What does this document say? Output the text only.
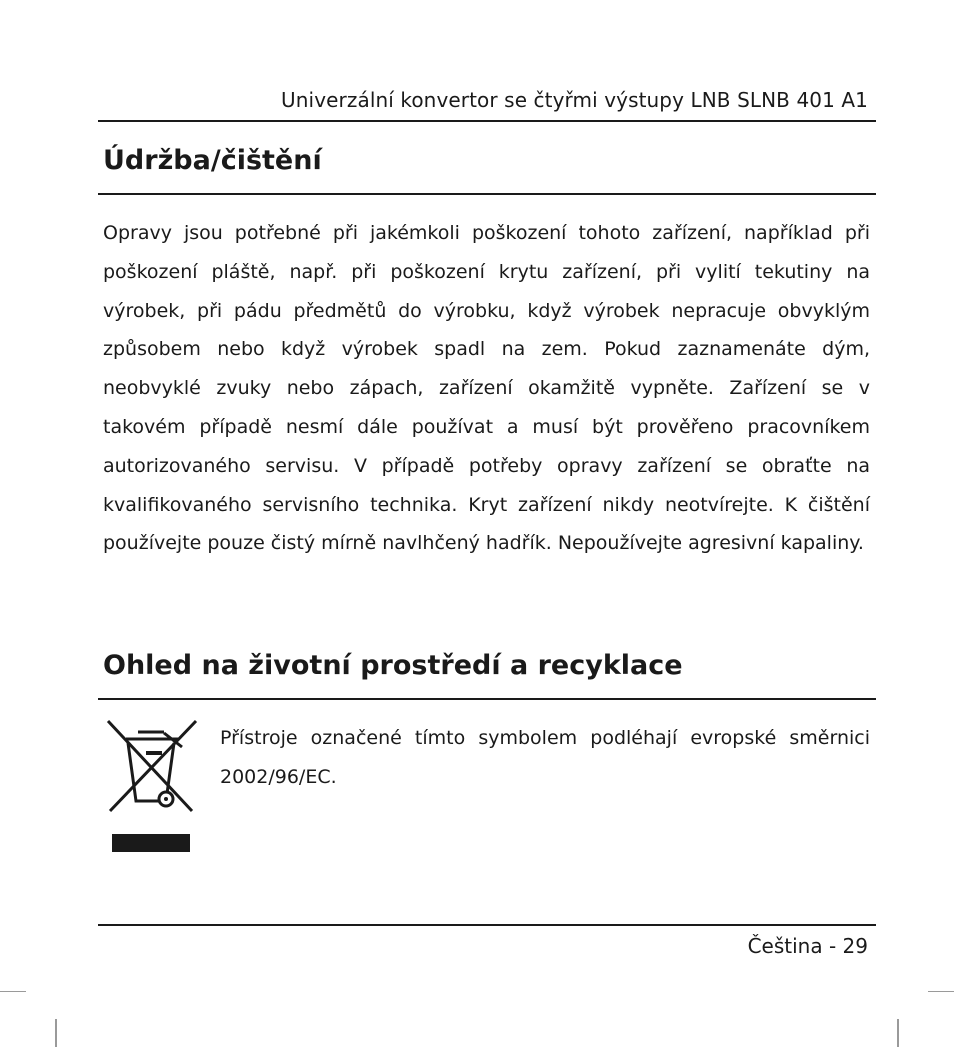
Univerzální konvertor se čtyřmi výstupy LNB SLNB 401 A1
Údržba/čištění
Opravy jsou potřebné při jakémkoli poškození tohoto zařízení, například při poškození pláště, např. při poškození krytu zařízení, při vylití tekutiny na výrobek, při pádu předmětů do výrobku, když výrobek nepracuje obvyklým způsobem nebo když výrobek spadl na zem. Pokud zaznamenáte dým, neobvyklé zvuky nebo zápach, zařízení okamžitě vypněte. Zařízení se v takovém případě nesmí dále používat a musí být prověřeno pracovníkem autorizovaného servisu. V případě potřeby opravy zařízení se obraťte na kvalifikovaného servisního technika. Kryt zařízení nikdy neotvírejte. K čištění používejte pouze čistý mírně navlhčený hadřík. Nepoužívejte agresivní kapaliny.
Ohled na životní prostředí a recyklace
Přístroje označené tímto symbolem podléhají evropské směrnici 2002/96/EC.
Čeština - 29
